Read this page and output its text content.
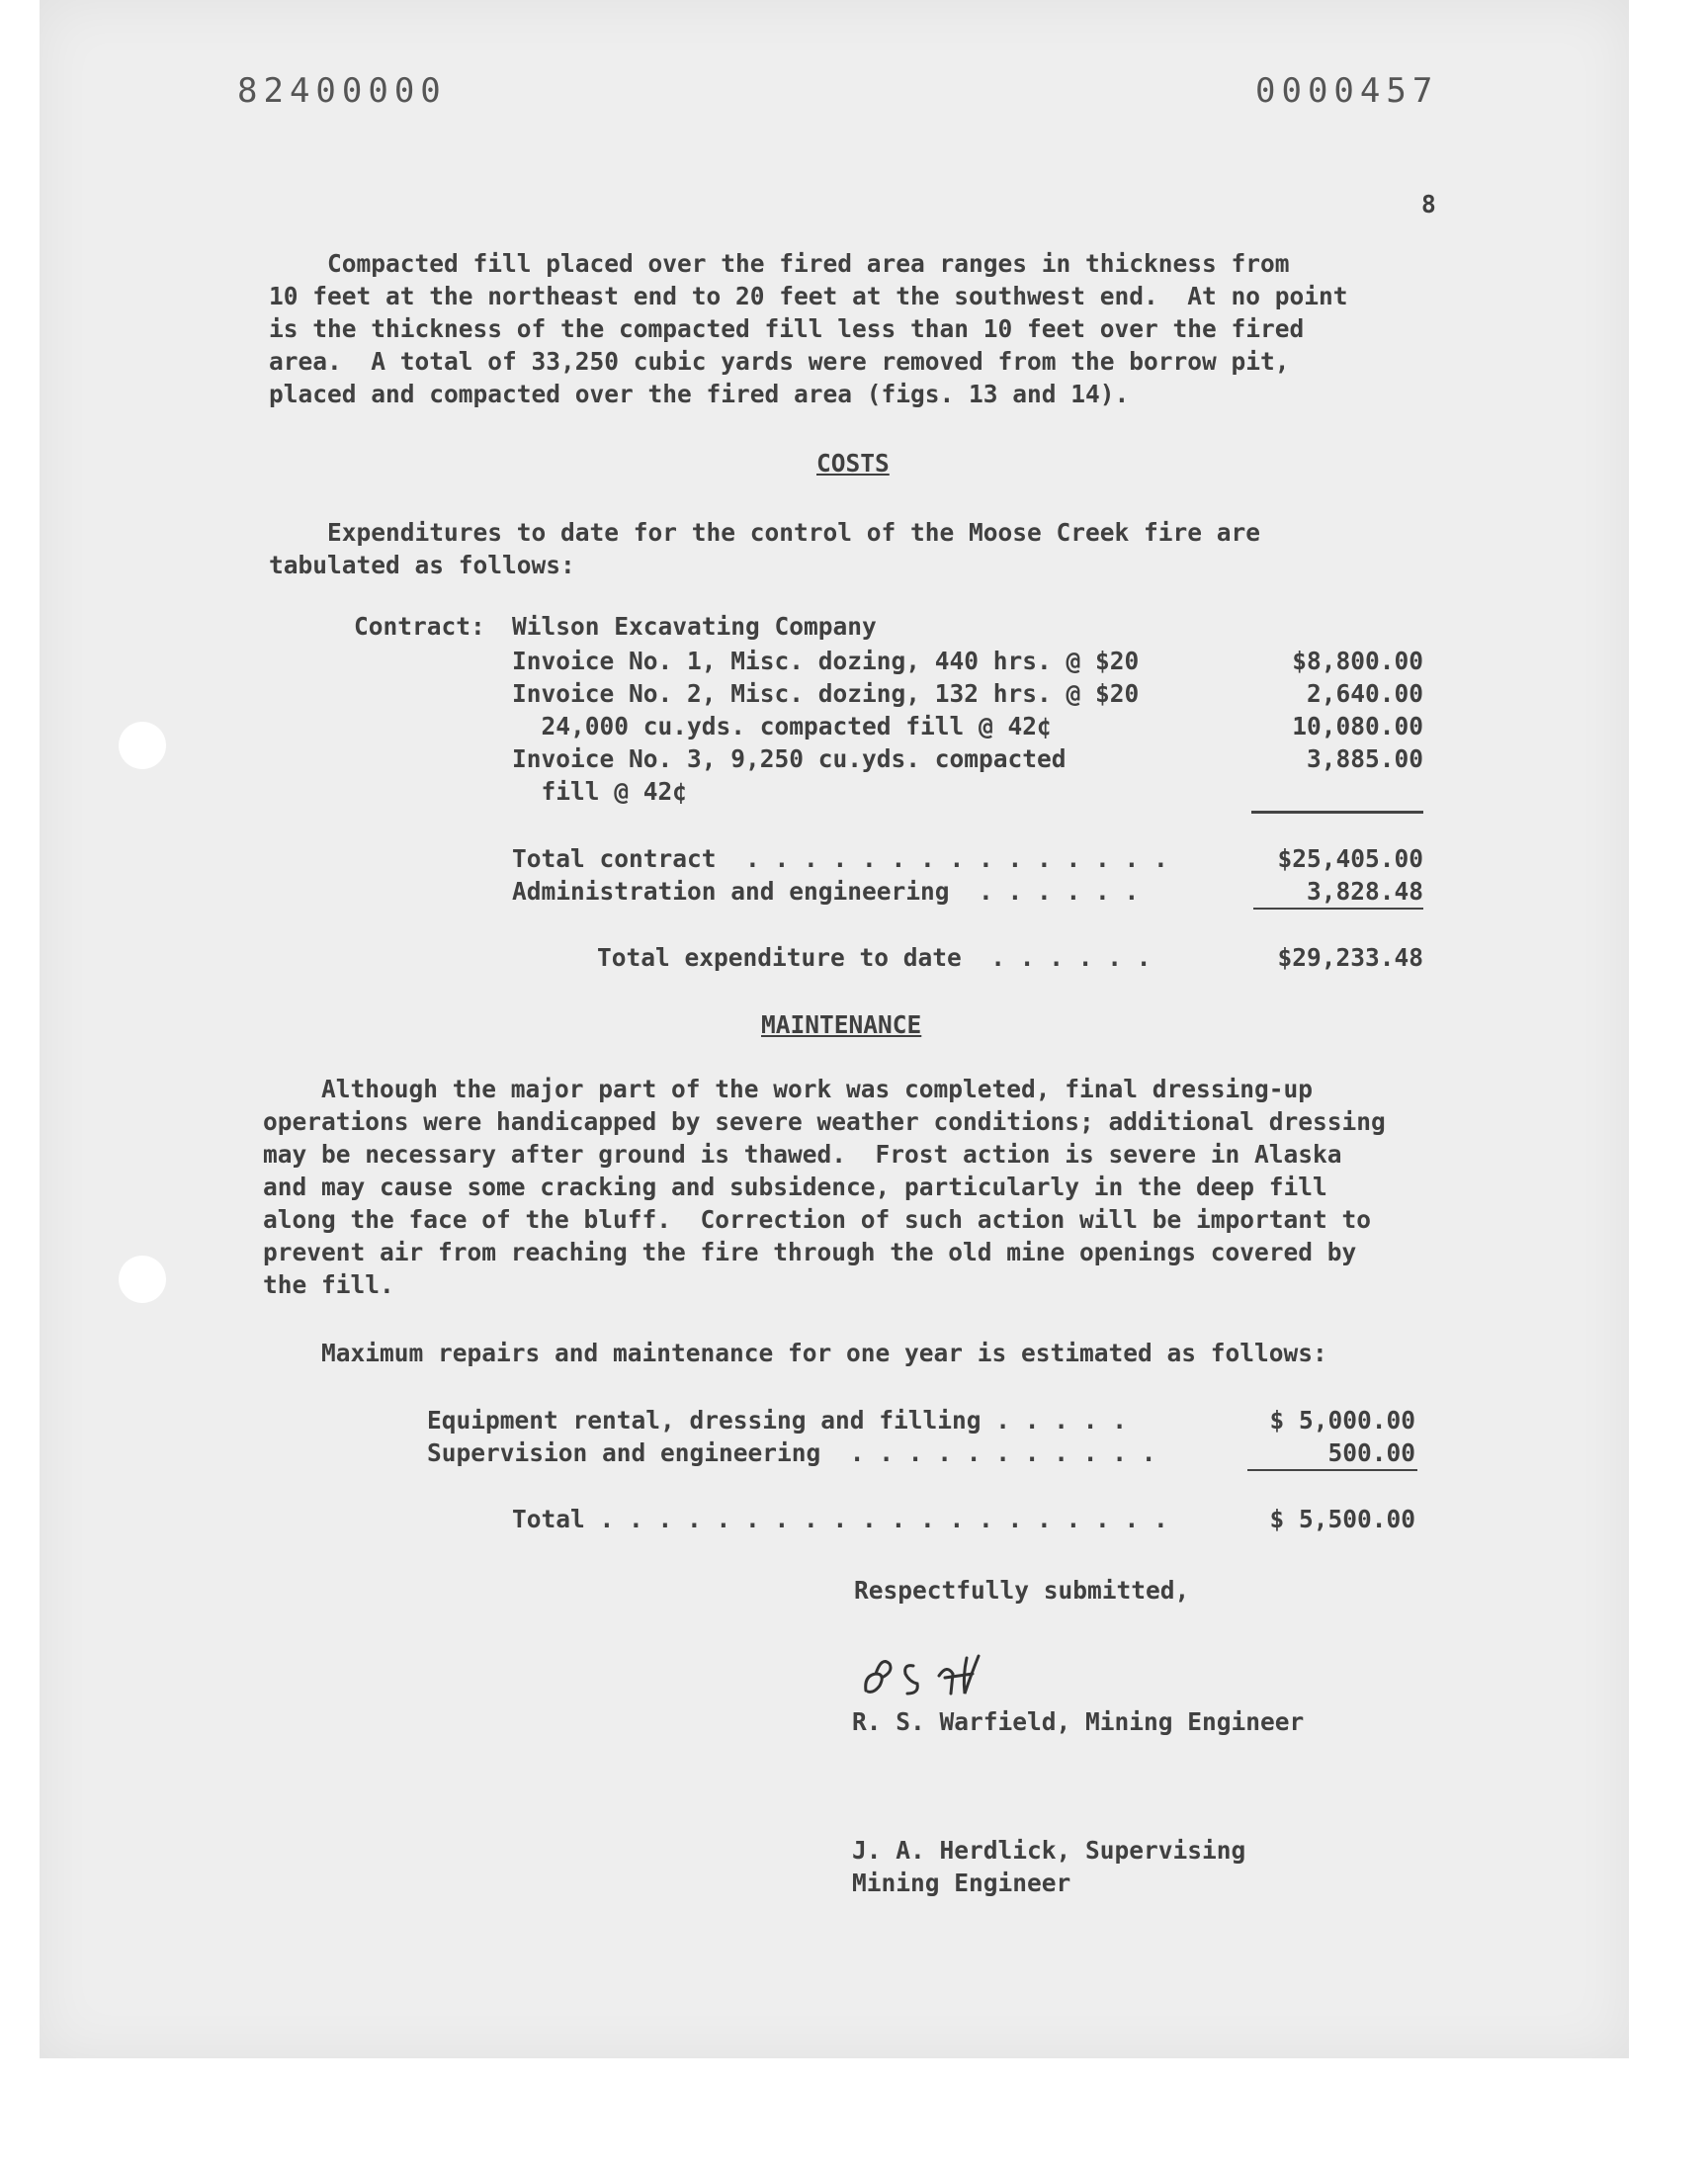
82400000	0000457
8
Compacted fill placed over the fired area ranges in thickness from
10 feet at the northeast end to 20 feet at the southwest end.  At no point
is the thickness of the compacted fill less than 10 feet over the fired
area.  A total of 33,250 cubic yards were removed from the borrow pit,
placed and compacted over the fired area (figs. 13 and 14).
COSTS
Expenditures to date for the control of the Moose Creek fire are
tabulated as follows:
Contract: Wilson Excavating Company
Invoice No. 1, Misc. dozing, 440 hrs. @ $20	$8,800.00
Invoice No. 2, Misc. dozing, 132 hrs. @ $20	2,640.00
24,000 cu.yds. compacted fill @ 42¢	10,080.00
Invoice No. 3, 9,250 cu.yds. compacted	3,885.00
fill @ 42¢
Total contract  . . . . . . . . . . . . . . .	$25,405.00
Administration and engineering  . . . . . .	3,828.48
Total expenditure to date  . . . . . .	$29,233.48
MAINTENANCE
Although the major part of the work was completed, final dressing-up
operations were handicapped by severe weather conditions; additional dressing
may be necessary after ground is thawed.  Frost action is severe in Alaska
and may cause some cracking and subsidence, particularly in the deep fill
along the face of the bluff.  Correction of such action will be important to
prevent air from reaching the fire through the old mine openings covered by
the fill.
Maximum repairs and maintenance for one year is estimated as follows:
Equipment rental, dressing and filling . . . . .	$ 5,000.00
Supervision and engineering  . . . . . . . . . . .	500.00
Total . . . . . . . . . . . . . . . . . . . .	$ 5,500.00
Respectfully submitted,
R. S. Warfield, Mining Engineer
J. A. Herdlick, Supervising
Mining Engineer
